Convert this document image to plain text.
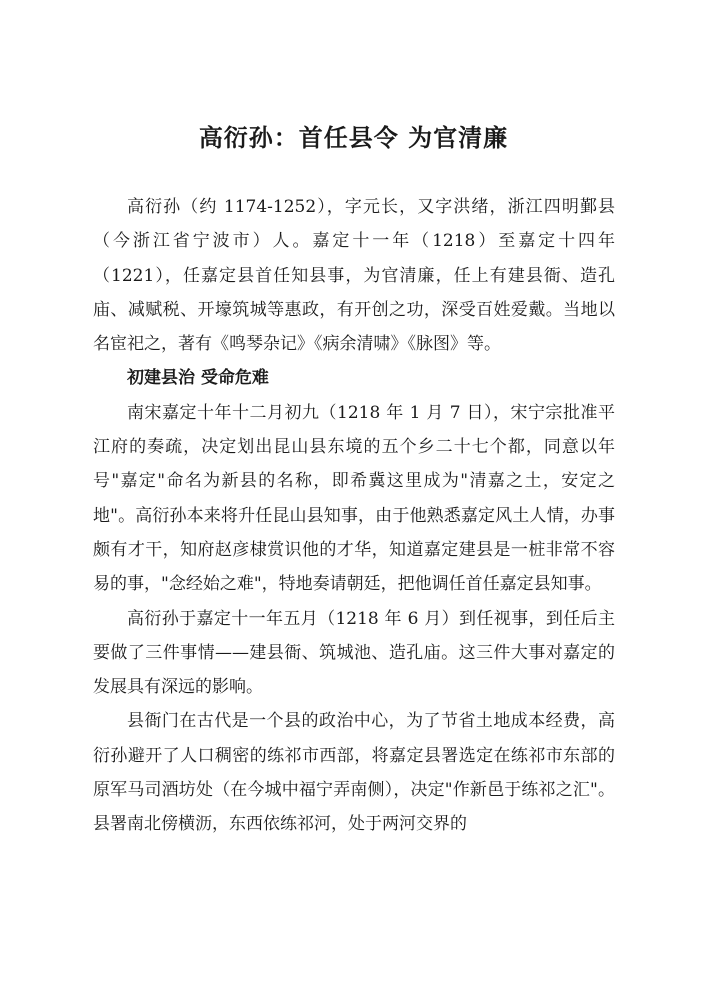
高衍孙：首任县令 为官清廉

高衍孙（约 1174-1252），字元长，又字洪绪，浙江四明鄞县（今浙江省宁波市）人。嘉定十一年（1218）至嘉定十四年（1221），任嘉定县首任知县事，为官清廉，任上有建县衙、造孔庙、减赋税、开壕筑城等惠政，有开创之功，深受百姓爱戴。当地以名宦祀之，著有《鸣琴杂记》《病余清啸》《脉图》等。

初建县治 受命危难

南宋嘉定十年十二月初九（1218 年 1 月 7 日），宋宁宗批准平江府的奏疏，决定划出昆山县东境的五个乡二十七个都，同意以年号"嘉定"命名为新县的名称，即希冀这里成为"清嘉之土，安定之地"。高衍孙本来将升任昆山县知事，由于他熟悉嘉定风土人情，办事颇有才干，知府赵彦棣赏识他的才华，知道嘉定建县是一桩非常不容易的事，"念经始之难"，特地奏请朝廷，把他调任首任嘉定县知事。

高衍孙于嘉定十一年五月（1218 年 6 月）到任视事，到任后主要做了三件事情——建县衙、筑城池、造孔庙。这三件大事对嘉定的发展具有深远的影响。

县衙门在古代是一个县的政治中心，为了节省土地成本经费，高衍孙避开了人口稠密的练祁市西部，将嘉定县署选定在练祁市东部的原军马司酒坊处（在今城中福宁弄南侧），决定"作新邑于练祁之汇"。县署南北傍横沥，东西依练祁河，处于两河交界的
